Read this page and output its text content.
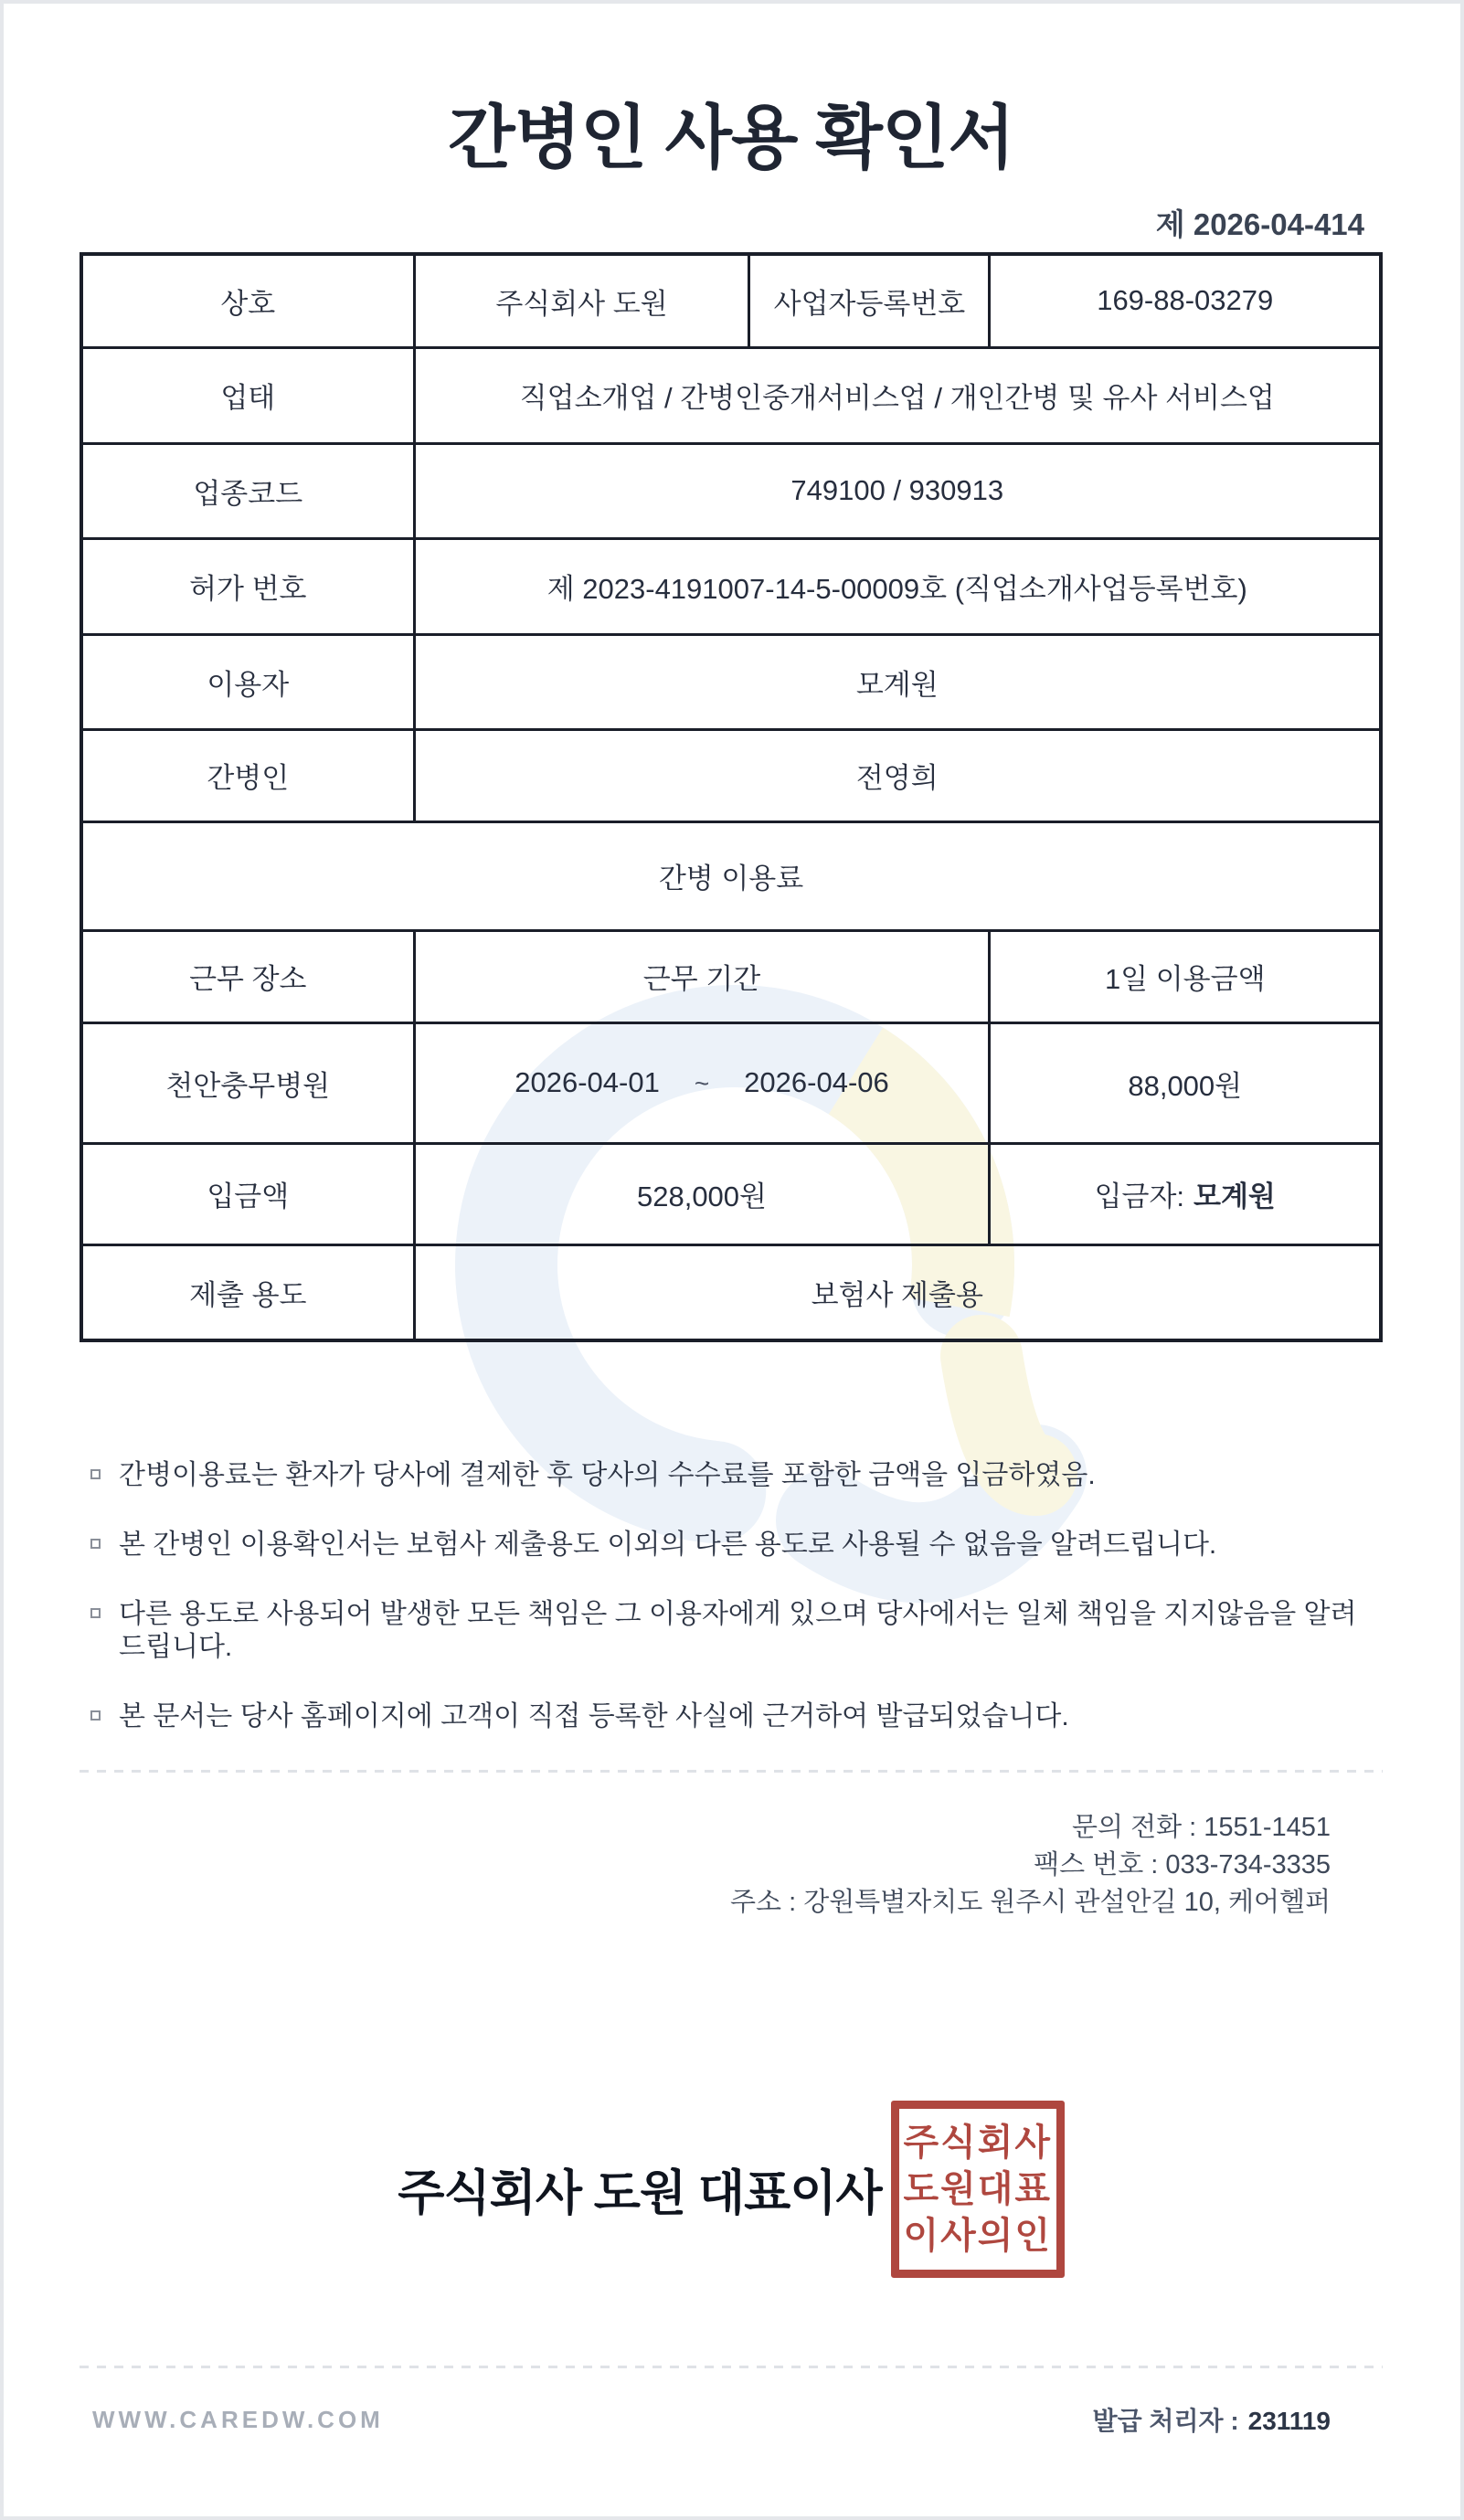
간병인 사용 확인서
제 2026-04-414
상호	주식회사 도원	사업자등록번호	169-88-03279
업태	직업소개업 / 간병인중개서비스업 / 개인간병 및 유사 서비스업		
업종코드	749100 / 930913		
허가 번호	제 2023-4191007-14-5-00009호 (직업소개사업등록번호)		
이용자	모계원		
간병인	전영희		
간병 이용료			
근무 장소	근무 기간		1일 이용금액
천안충무병원	2026-04-01 ~ 2026-04-06		88,000원
입금액	528,000원		입금자: 모계원
제출 용도	보험사 제출용		
간병이용료는 환자가 당사에 결제한 후 당사의 수수료를 포함한 금액을 입금하였음.
본 간병인 이용확인서는 보험사 제출용도 이외의 다른 용도로 사용될 수 없음을 알려드립니다.
다른 용도로 사용되어 발생한 모든 책임은 그 이용자에게 있으며 당사에서는 일체 책임을 지지않음을 알려드립니다.
본 문서는 당사 홈페이지에 고객이 직접 등록한 사실에 근거하여 발급되었습니다.

문의 전화 : 1551-1451

팩스 번호 : 033-734-3335

주소 : 강원특별자치도 원주시 관설안길 10, 케어헬퍼

주식회사 도원 대표이사
주식회사
도원대표
이사의인
WWW.CAREDW.COM	발급 처리자 : 231119
